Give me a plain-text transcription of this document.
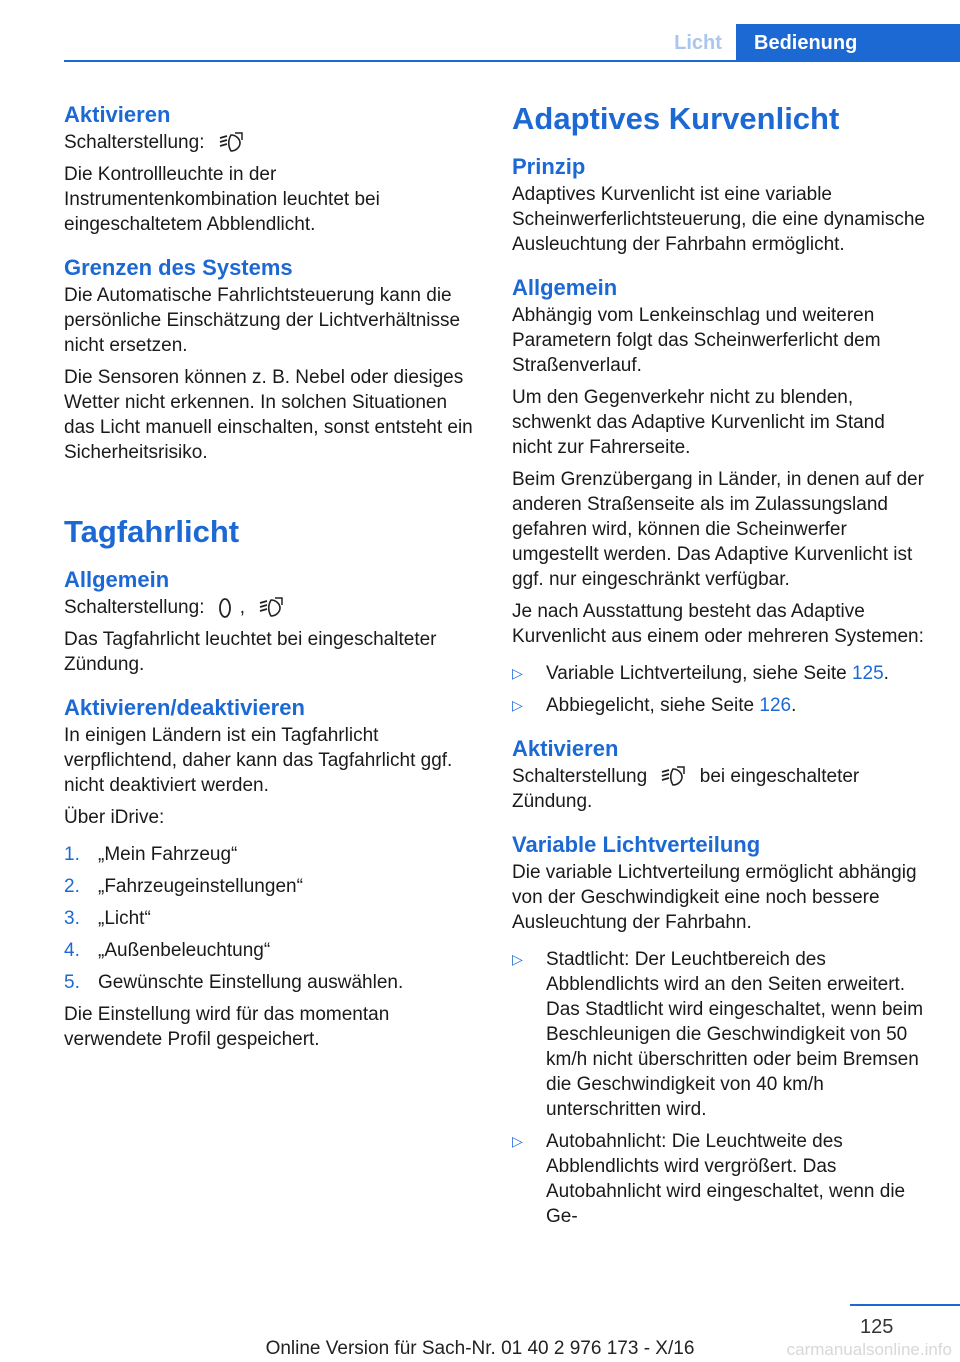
Licht	Bedienung
Aktivieren

Schalterstellung:

Die Kontrollleuchte in der Instrumentenkombination leuchtet bei eingeschaltetem Abblendlicht.

Grenzen des Systems

Die Automatische Fahrlichtsteuerung kann die persönliche Einschätzung der Lichtverhältnisse nicht ersetzen.

Die Sensoren können z. B. Nebel oder diesiges Wetter nicht erkennen. In solchen Situationen das Licht manuell einschalten, sonst entsteht ein Sicherheitsrisiko.

Tagfahrlicht
Allgemein

Schalterstellung: ,

Das Tagfahrlicht leuchtet bei eingeschalteter Zündung.

Aktivieren/deaktivieren

In einigen Ländern ist ein Tagfahrlicht verpflichtend, daher kann das Tagfahrlicht ggf. nicht deaktiviert werden.

Über iDrive:

1. „Mein Fahrzeug“
2. „Fahrzeugeinstellungen“
3. „Licht“
4. „Außenbeleuchtung“
5. Gewünschte Einstellung auswählen.

Die Einstellung wird für das momentan verwendete Profil gespeichert.

Adaptives Kurvenlicht
Prinzip

Adaptives Kurvenlicht ist eine variable Scheinwerferlichtsteuerung, die eine dynamische Ausleuchtung der Fahrbahn ermöglicht.

Allgemein

Abhängig vom Lenkeinschlag und weiteren Parametern folgt das Scheinwerferlicht dem Straßenverlauf.

Um den Gegenverkehr nicht zu blenden, schwenkt das Adaptive Kurvenlicht im Stand nicht zur Fahrerseite.

Beim Grenzübergang in Länder, in denen auf der anderen Straßenseite als im Zulassungsland gefahren wird, können die Scheinwerfer umgestellt werden. Das Adaptive Kurvenlicht ist ggf. nur eingeschränkt verfügbar.

Je nach Ausstattung besteht das Adaptive Kurvenlicht aus einem oder mehreren Systemen:

▷	Variable Lichtverteilung, siehe Seite 125.
▷	Abbiegelicht, siehe Seite 126.
Aktivieren

Schalterstellung	bei eingeschalteter Zündung.

Variable Lichtverteilung

Die variable Lichtverteilung ermöglicht abhängig von der Geschwindigkeit eine noch bessere Ausleuchtung der Fahrbahn.

▷	Stadtlicht: Der Leuchtbereich des Abblendlichts wird an den Seiten erweitert. Das Stadtlicht wird eingeschaltet, wenn beim Beschleunigen die Geschwindigkeit von 50 km/h nicht überschritten oder beim Bremsen die Geschwindigkeit von 40 km/h unterschritten wird.
▷	Autobahnlicht: Die Leuchtweite des Abblendlichts wird vergrößert. Das Autobahnlicht wird eingeschaltet, wenn die Ge-
125
Online Version für Sach-Nr. 01 40 2 976 173 - X/16	carmanualsonline.info
